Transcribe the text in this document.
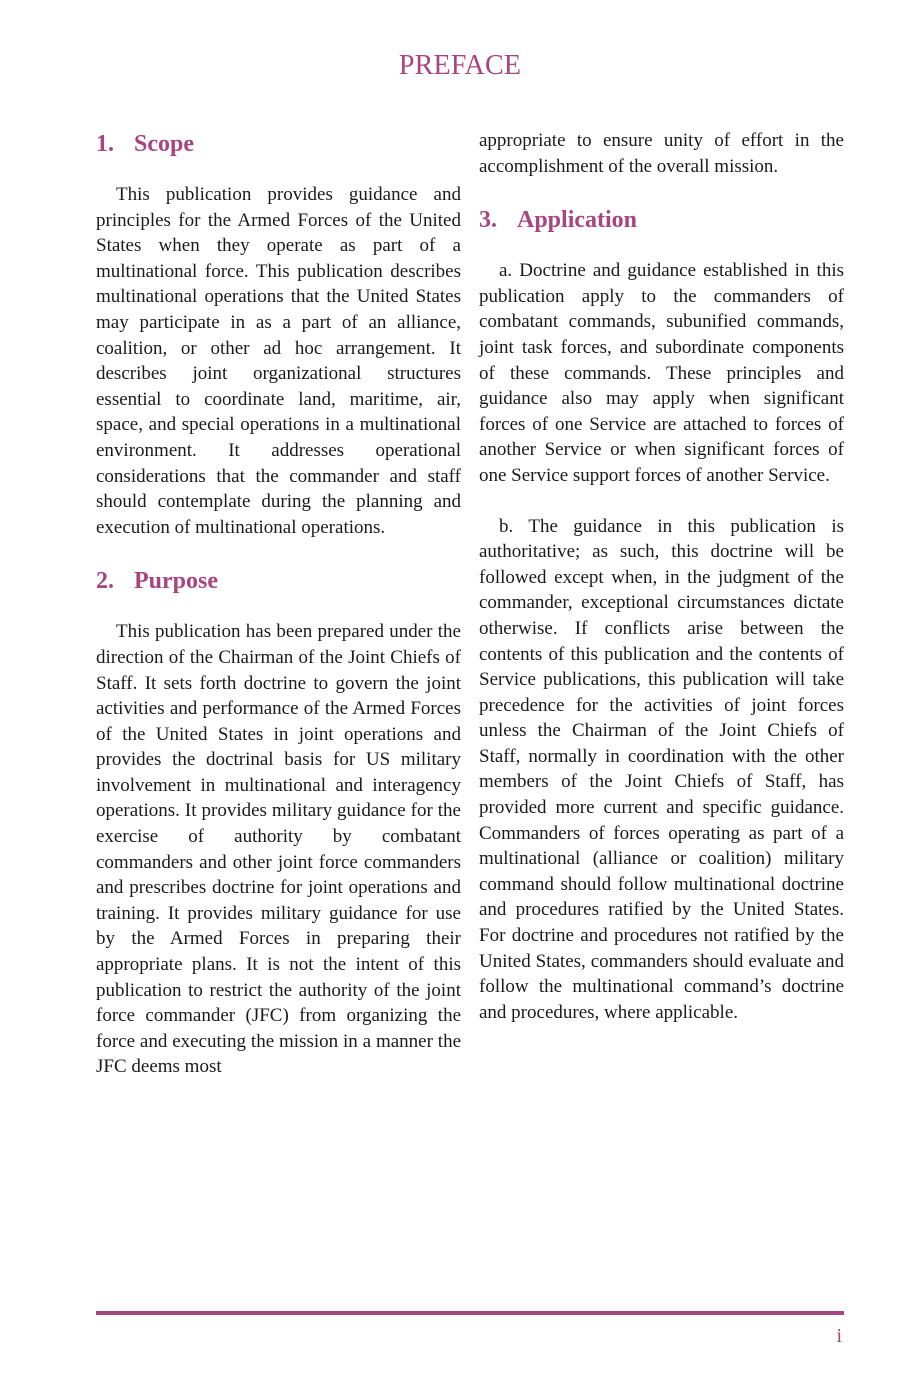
PREFACE
1. Scope

This publication provides guidance and principles for the Armed Forces of the United States when they operate as part of a multinational force. This publication describes multinational operations that the United States may participate in as a part of an alliance, coalition, or other ad hoc arrangement. It describes joint organizational structures essential to coordinate land, maritime, air, space, and special operations in a multinational environment. It addresses operational considerations that the commander and staff should contemplate during the planning and execution of multinational operations.

2. Purpose

This publication has been prepared under the direction of the Chairman of the Joint Chiefs of Staff. It sets forth doctrine to govern the joint activities and performance of the Armed Forces of the United States in joint operations and provides the doctrinal basis for US military involvement in multinational and interagency operations. It provides military guidance for the exercise of authority by combatant commanders and other joint force commanders and prescribes doctrine for joint operations and training. It provides military guidance for use by the Armed Forces in preparing their appropriate plans. It is not the intent of this publication to restrict the authority of the joint force commander (JFC) from organizing the force and executing the mission in a manner the JFC deems most

appropriate to ensure unity of effort in the accomplishment of the overall mission.

3. Application

a. Doctrine and guidance established in this publication apply to the commanders of combatant commands, subunified commands, joint task forces, and subordinate components of these commands. These principles and guidance also may apply when significant forces of one Service are attached to forces of another Service or when significant forces of one Service support forces of another Service.

b. The guidance in this publication is authoritative; as such, this doctrine will be followed except when, in the judgment of the commander, exceptional circumstances dictate otherwise. If conflicts arise between the contents of this publication and the contents of Service publications, this publication will take precedence for the activities of joint forces unless the Chairman of the Joint Chiefs of Staff, normally in coordination with the other members of the Joint Chiefs of Staff, has provided more current and specific guidance. Commanders of forces operating as part of a multinational (alliance or coalition) military command should follow multinational doctrine and procedures ratified by the United States. For doctrine and procedures not ratified by the United States, commanders should evaluate and follow the multinational command’s doctrine and procedures, where applicable.

i
